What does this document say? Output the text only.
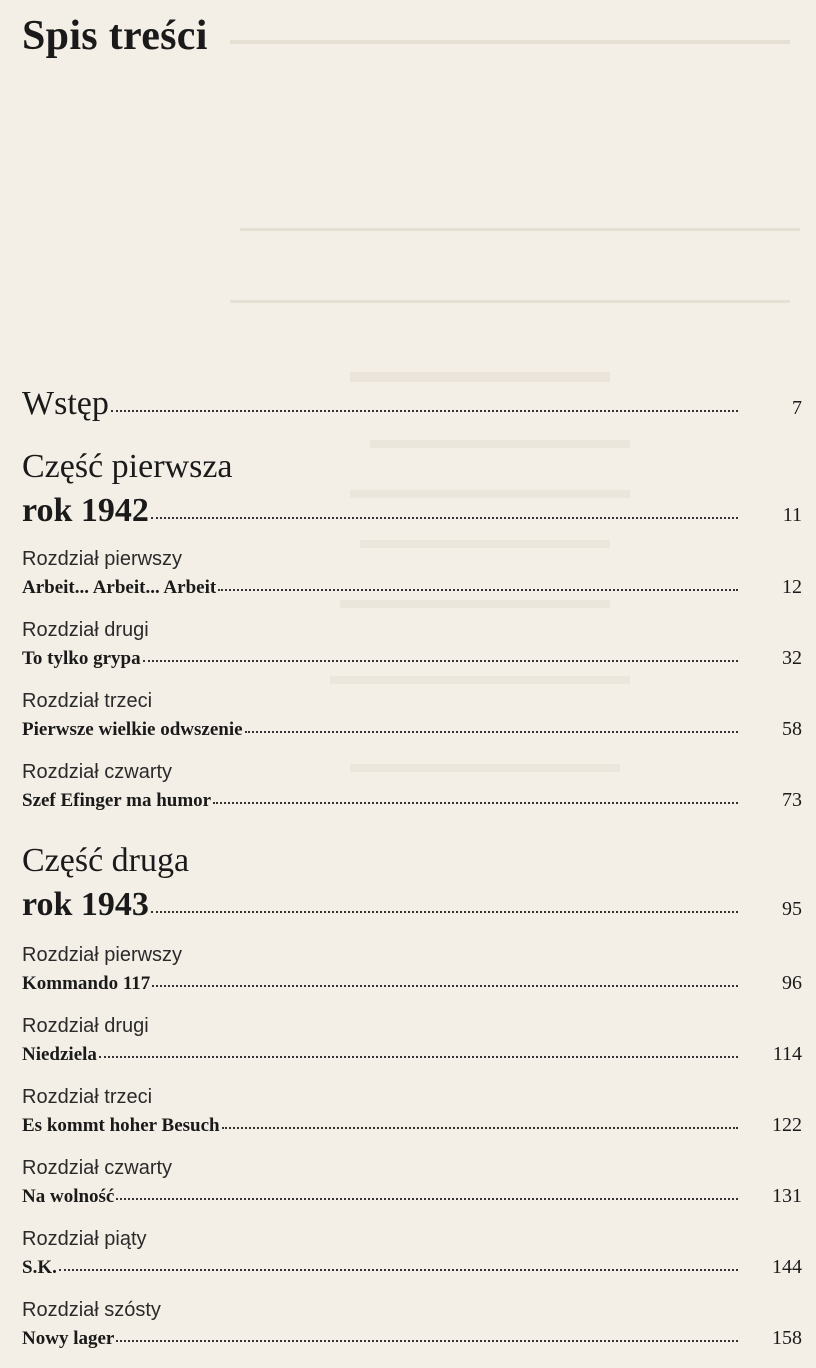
Spis treści
Wstęp	7
Część pierwsza
rok 1942	11
Rozdział pierwszy
Arbeit... Arbeit... Arbeit	12
Rozdział drugi
To tylko grypa	32
Rozdział trzeci
Pierwsze wielkie odwszenie	58
Rozdział czwarty
Szef Efinger ma humor	73
Część druga
rok 1943	95
Rozdział pierwszy
Kommando 117	96
Rozdział drugi
Niedziela	114
Rozdział trzeci
Es kommt hoher Besuch	122
Rozdział czwarty
Na wolność	131
Rozdział piąty
S.K.	144
Rozdział szósty
Nowy lager	158
